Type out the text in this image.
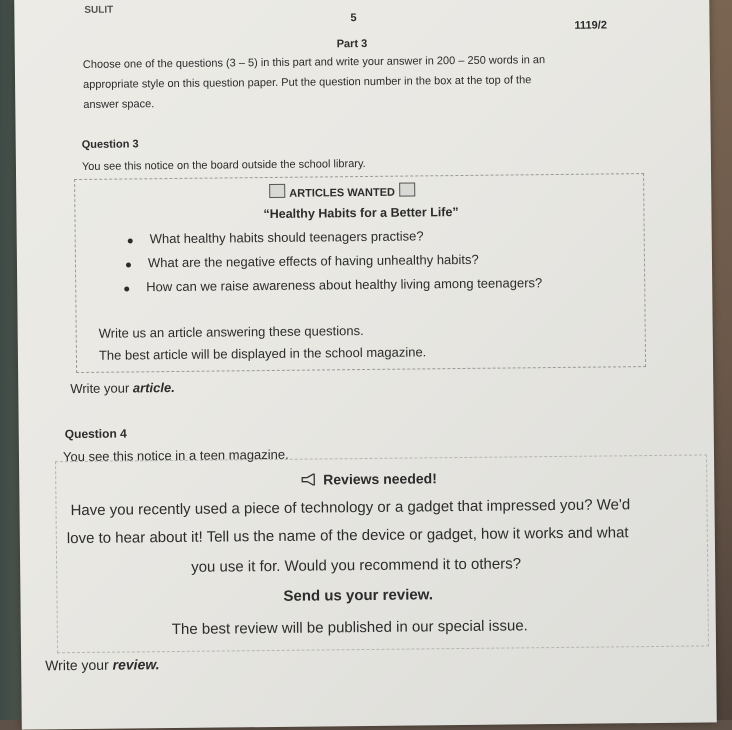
SULIT
5
1119/2
Part 3
Choose one of the questions (3 – 5) in this part and write your answer in 200 – 250 words in an
appropriate style on this question paper. Put the question number in the box at the top of the
answer space.
Question 3
You see this notice on the board outside the school library.
ARTICLES WANTED
“Healthy Habits for a Better Life”
What healthy habits should teenagers practise?
What are the negative effects of having unhealthy habits?
How can we raise awareness about healthy living among teenagers?
Write us an article answering these questions.
The best article will be displayed in the school magazine.
Write your article.
Question 4
You see this notice in a teen magazine.
Reviews needed!
Have you recently used a piece of technology or a gadget that impressed you? We'd
love to hear about it! Tell us the name of the device or gadget, how it works and what
you use it for. Would you recommend it to others?
Send us your review.
The best review will be published in our special issue.
Write your review.
